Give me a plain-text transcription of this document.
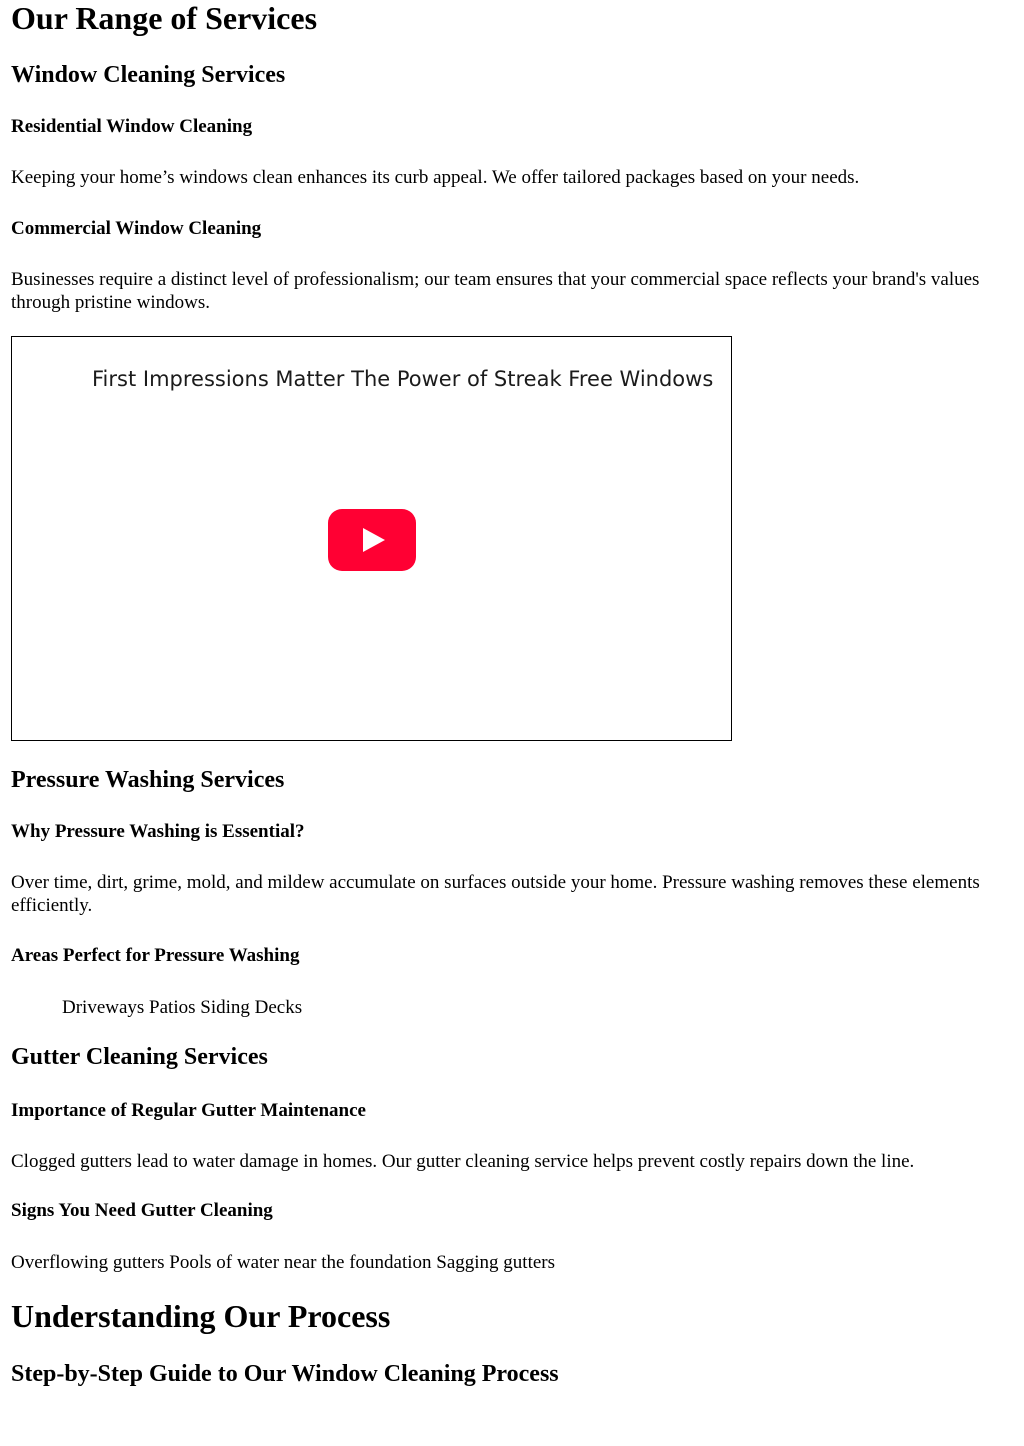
Our Range of Services
Window Cleaning Services
Residential Window Cleaning

Keeping your home’s windows clean enhances its curb appeal. We offer tailored packages based on your needs.

Commercial Window Cleaning

Businesses require a distinct level of professionalism; our team ensures that your commercial space reflects your brand's values through pristine windows.

First Impressions Matter The Power of Streak Free Windows
Pressure Washing Services
Why Pressure Washing is Essential?

Over time, dirt, grime, mold, and mildew accumulate on surfaces outside your home. Pressure washing removes these elements efficiently.

Areas Perfect for Pressure Washing
Driveways Patios Siding Decks
Gutter Cleaning Services
Importance of Regular Gutter Maintenance

Clogged gutters lead to water damage in homes. Our gutter cleaning service helps prevent costly repairs down the line.

Signs You Need Gutter Cleaning

Overflowing gutters Pools of water near the foundation Sagging gutters

Understanding Our Process
Step-by-Step Guide to Our Window Cleaning Process
